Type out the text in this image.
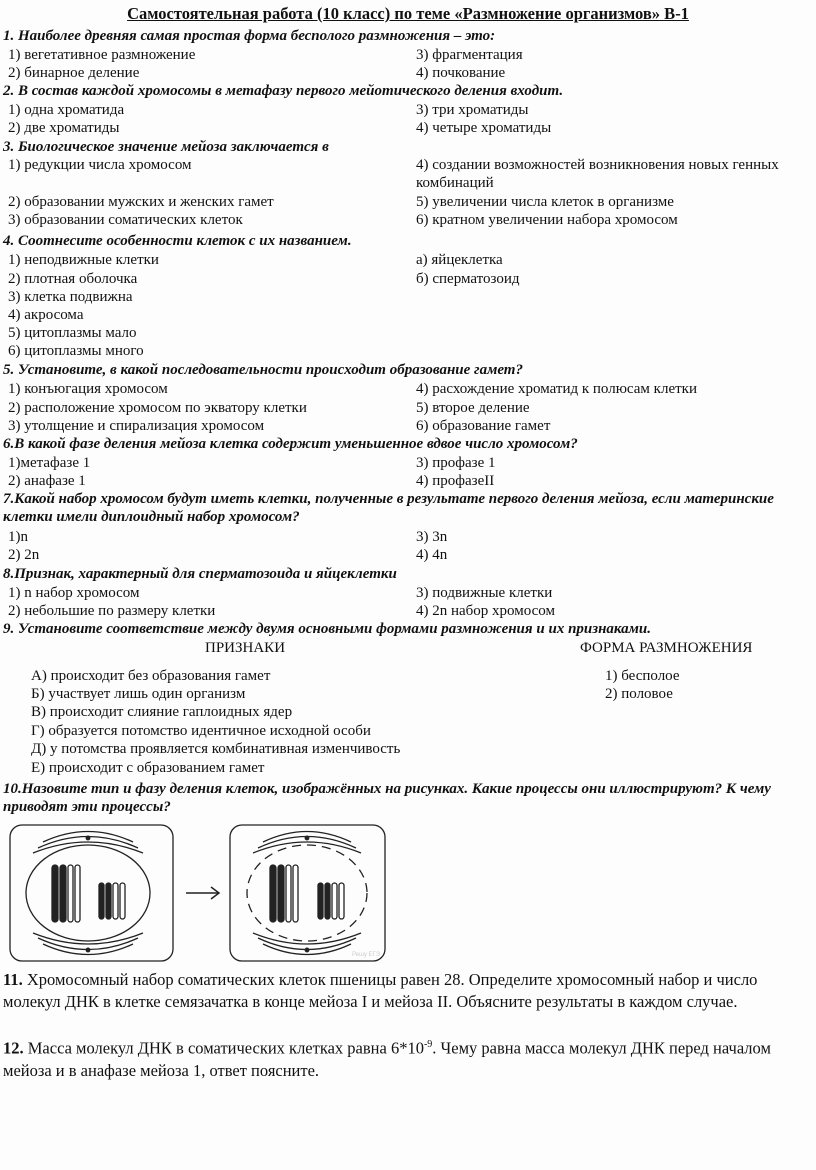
Самостоятельная работа (10 класс) по теме «Размножение организмов» В-1
1. Наиболее древняя самая простая форма бесполого размножения – это:
1) вегетативное размножение
2) бинарное деление
3) фрагментация
4) почкование
2. В состав каждой хромосомы в метафазу первого мейотического деления входит.
1) одна хроматида
2) две хроматиды
3) три хроматиды
4) четыре хроматиды
3. Биологическое значение мейоза заключается в
1) редукции числа хромосом
2) образовании мужских и женских гамет
3) образовании соматических клеток
4) создании возможностей возникновения новых генных комбинаций
5) увеличении числа клеток в организме
6) кратном увеличении набора хромосом
4. Соотнесите особенности клеток с их названием.
1) неподвижные клетки
2) плотная оболочка
3) клетка подвижна
4) акросома
5) цитоплазмы мало
6) цитоплазмы много
а) яйцеклетка
б) сперматозоид
5. Установите, в какой последовательности происходит образование гамет?
1) конъюгация хромосом
2) расположение хромосом по экватору клетки
3) утолщение и спирализация хромосом
4) расхождение хроматид к полюсам клетки
5) второе деление
6) образование гамет
6.В какой фазе деления мейоза клетка содержит уменьшенное вдвое число хромосом?
1)метафазе 1
2) анафазе 1
3) профазе 1
4) профазеII
7.Какой набор хромосом будут иметь клетки, полученные в результате первого деления мейоза, если материнские клетки имели диплоидный набор хромосом?
1)n
2) 2n
3) 3n
4) 4n
8.Признак, характерный для сперматозоида и яйцеклетки
1) n набор хромосом
2) небольшие по размеру клетки
3) подвижные клетки
4) 2n набор хромосом
9. Установите соответствие между двумя основными формами размножения и их признаками.
ПРИЗНАКИ	ФОРМА РАЗМНОЖЕНИЯ
А) происходит без образования гамет
Б) участвует лишь один организм
В) происходит слияние гаплоидных ядер
Г) образуется потомство идентичное исходной особи
Д) у потомства проявляется комбинативная изменчивость
Е) происходит с образованием гамет
1) бесполое
2) половое
10.Назовите тип и фазу деления клеток, изображённых на рисунках. Какие процессы они иллюстрируют? К чему приводят эти процессы?
Решу ЕГЭ
11. Хромосомный набор соматических клеток пшеницы равен 28. Определите хромосомный набор и число молекул ДНК в клетке семязачатка в конце мейоза I и мейоза II. Объясните результаты в каждом случае.
12. Масса молекул ДНК в соматических клетках равна $6*10^{-9}$. Чему равна масса молекул ДНК перед началом мейоза и в анафазе мейоза 1, ответ поясните.
